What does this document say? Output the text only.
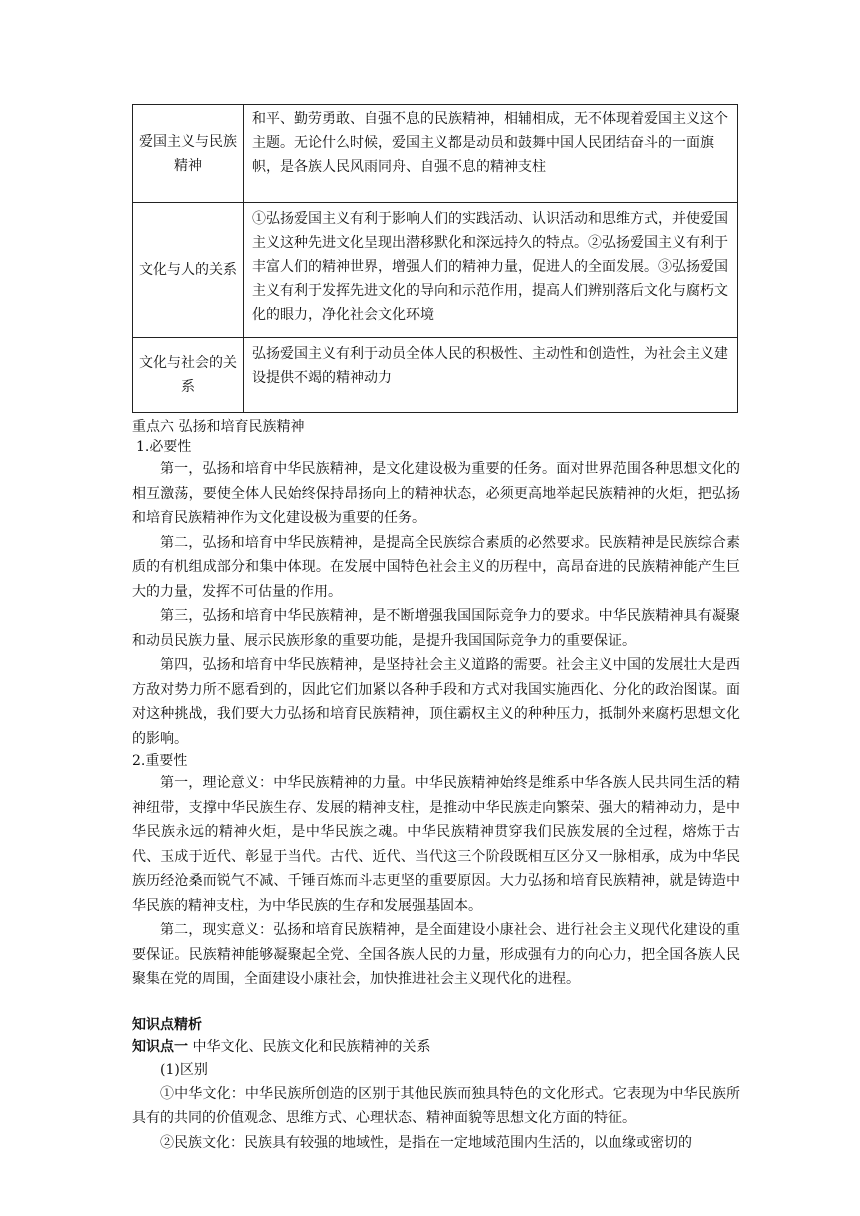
爱国主义与⺠族精神	和平、勤劳勇敢、自强不息的民族精神，相辅相成，无不体现着爱国主义这个主题。无论什么时候，爱国主义都是动员和鼓舞中国人民团结奋斗的一面旗帜，是各族人民风雨同舟、自强不息的精神支柱
文化与人的关系	①弘扬爱国主义有利于影响人们的实践活动、认识活动和思维方式，并使爱国主义这种先进文化呈现出潜移默化和深远持久的特点。②弘扬爱国主义有利于丰富人们的精神世界，增强人们的精神力量，促进人的全面发展。③弘扬爱国主义有利于发挥先进文化的导向和示范作用，提高人们辨别落后文化与腐朽文化的眼力，净化社会文化环境
文化与社会的关系	弘扬爱国主义有利于动员全体人民的积极性、主动性和创造性，为社会主义建设提供不竭的精神动力
重点六 弘扬和培育民族精神
1.必要性

第一，弘扬和培育中华民族精神，是文化建设极为重要的任务。面对世界范围各种思想文化的相互激荡，要使全体人民始终保持昂扬向上的精神状态，必须更高地举起民族精神的火炬，把弘扬和培育民族精神作为文化建设极为重要的任务。

第二，弘扬和培育中华民族精神，是提高全民族综合素质的必然要求。民族精神是民族综合素质的有机组成部分和集中体现。在发展中国特色社会主义的历程中，高昂奋进的民族精神能产生巨大的力量，发挥不可估量的作用。

第三，弘扬和培育中华民族精神，是不断增强我国国际竞争力的要求。中华民族精神具有凝聚和动员民族力量、展示民族形象的重要功能，是提升我国国际竞争力的重要保证。

第四，弘扬和培育中华民族精神，是坚持社会主义道路的需要。社会主义中国的发展壮大是西方敌对势力所不愿看到的，因此它们加紧以各种手段和方式对我国实施西化、分化的政治图谋。面对这种挑战，我们要大力弘扬和培育民族精神，顶住霸权主义的种种压力，抵制外来腐朽思想文化的影响。

2.重要性

第一，理论意义：中华民族精神的力量。中华民族精神始终是维系中华各族人民共同生活的精神纽带，支撑中华民族生存、发展的精神支柱，是推动中华民族走向繁荣、强大的精神动力，是中华民族永远的精神火炬，是中华民族之魂。中华民族精神贯穿我们民族发展的全过程，熔炼于古代、玉成于近代、彰显于当代。古代、近代、当代这三个阶段既相互区分又一脉相承，成为中华民族历经沧桑而锐气不减、千锤百炼而斗志更坚的重要原因。大力弘扬和培育民族精神，就是铸造中华民族的精神支柱，为中华民族的生存和发展强基固本。

第二，现实意义：弘扬和培育民族精神，是全面建设小康社会、进行社会主义现代化建设的重要保证。民族精神能够凝聚起全党、全国各族人民的力量，形成强有力的向心力，把全国各族人民聚集在党的周围，全面建设小康社会，加快推进社会主义现代化的进程。

知识点精析
知识点一 中华文化、民族文化和民族精神的关系
(1)区别

①中华文化：中华民族所创造的区别于其他民族而独具特色的文化形式。它表现为中华民族所具有的共同的价值观念、思维方式、心理状态、精神面貌等思想文化方面的特征。

②民族文化：民族具有较强的地域性，是指在一定地域范围内生活的，以血缘或密切的
